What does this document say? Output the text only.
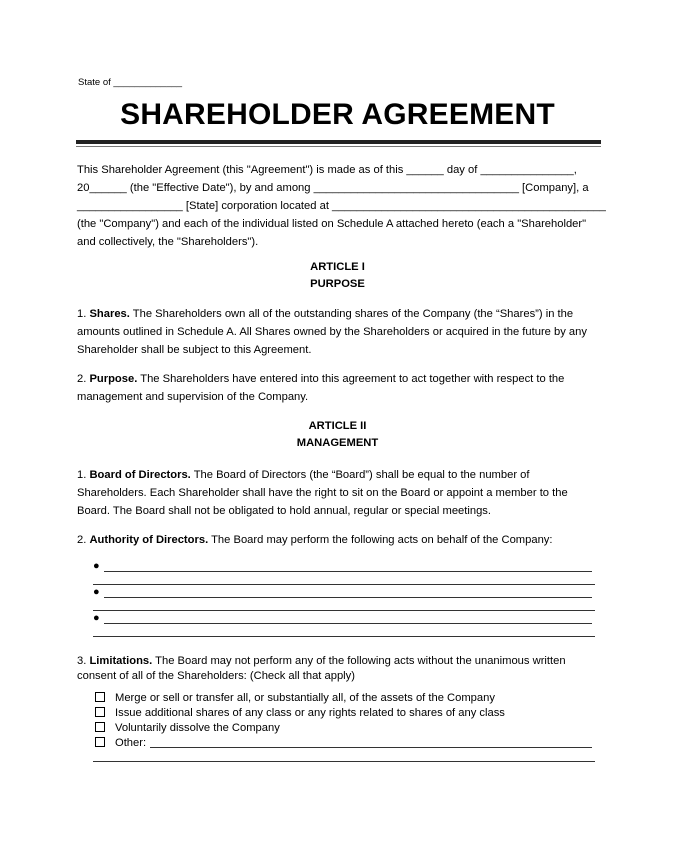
State of _____________
SHAREHOLDER AGREEMENT
This Shareholder Agreement (this "Agreement") is made as of this ______ day of _______________,
20______ (the "Effective Date"), by and among _________________________________ [Company], a
_________________ [State] corporation located at ____________________________________________
(the "Company") and each of the individual listed on Schedule A attached hereto (each a "Shareholder"
and collectively, the "Shareholders").
ARTICLE I
PURPOSE
1. Shares. The Shareholders own all of the outstanding shares of the Company (the “Shares”) in the
amounts outlined in Schedule A. All Shares owned by the Shareholders or acquired in the future by any
Shareholder shall be subject to this Agreement.
2. Purpose. The Shareholders have entered into this agreement to act together with respect to the
management and supervision of the Company.
ARTICLE II
MANAGEMENT
1. Board of Directors. The Board of Directors (the “Board”) shall be equal to the number of
Shareholders. Each Shareholder shall have the right to sit on the Board or appoint a member to the
Board. The Board shall not be obligated to hold annual, regular or special meetings.
2. Authority of Directors. The Board may perform the following acts on behalf of the Company:
●
●
●
3. Limitations. The Board may not perform any of the following acts without the unanimous written
consent of all of the Shareholders: (Check all that apply)
Merge or sell or transfer all, or substantially all, of the assets of the Company
Issue additional shares of any class or any rights related to shares of any class
Voluntarily dissolve the Company
Other:
